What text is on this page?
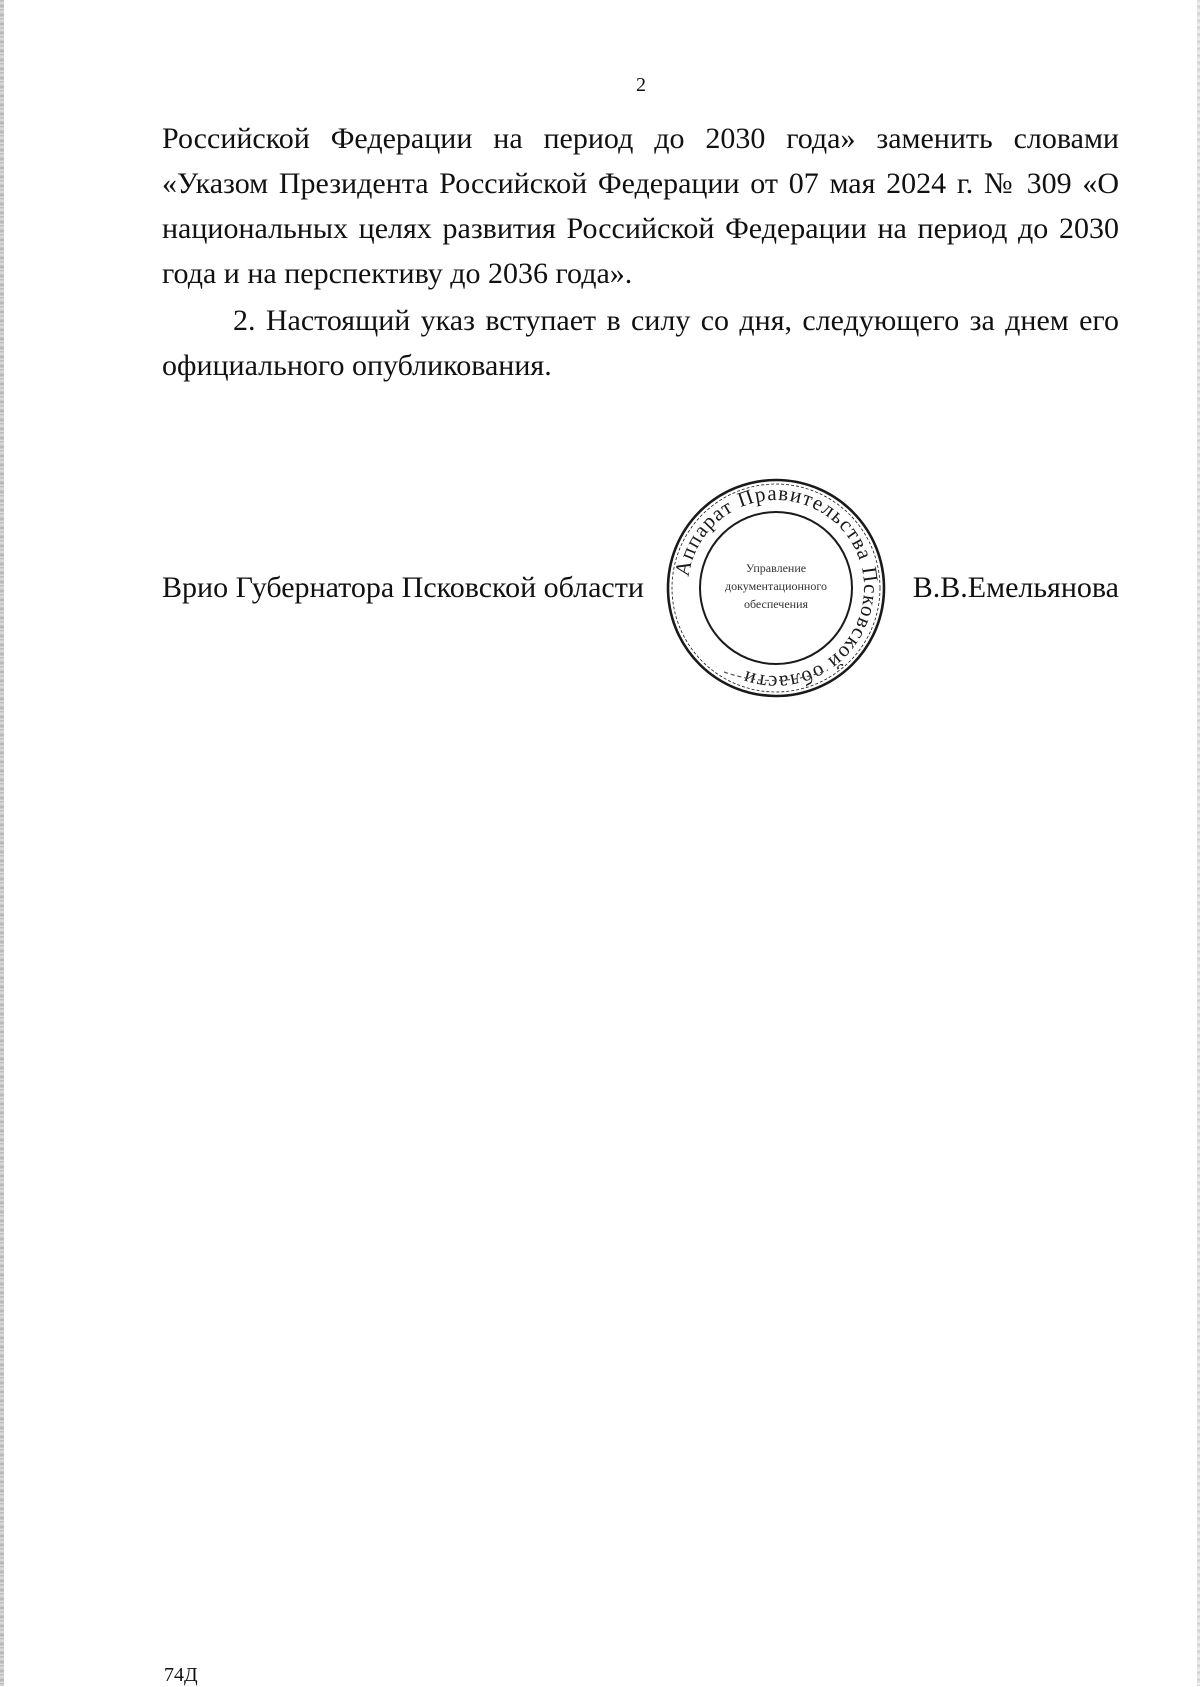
2

Российской Федерации на период до 2030 года» заменить словами «Указом Президента Российской Федерации от 07 мая 2024 г. № 309 «О национальных целях развития Российской Федерации на период до 2030 года и на перспективу до 2036 года».

2. Настоящий указ вступает в силу со дня, следующего за днем его официального опубликования.

Врио Губернатора Псковской области	В.В.Емельянова
Аппарат Правительства Псковской области
Управление
документационного
обеспечения
74Д
